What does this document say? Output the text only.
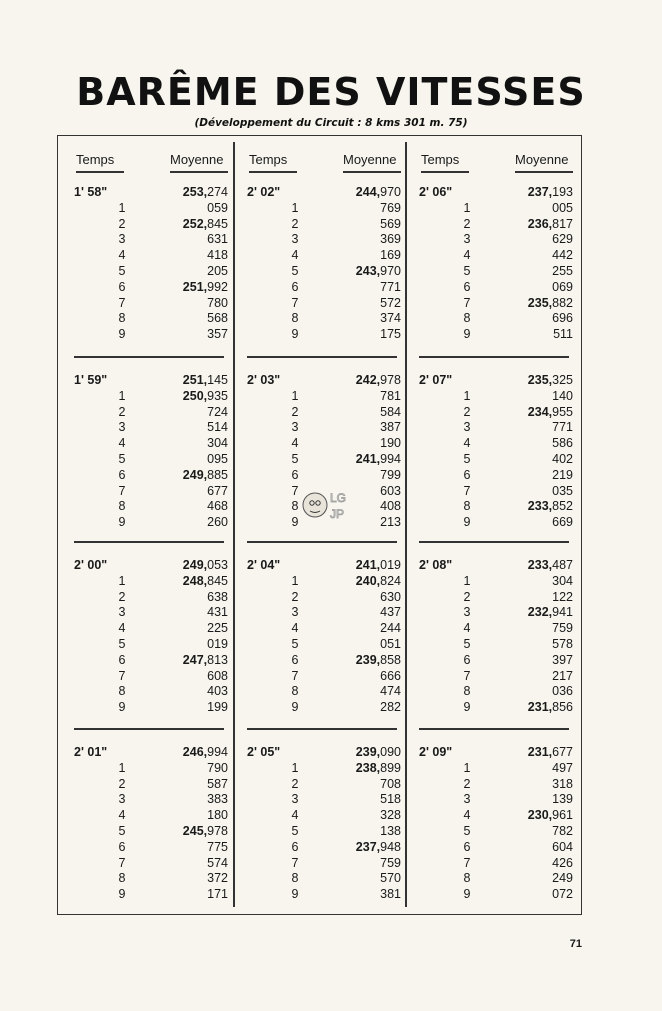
BARÊME DES VITESSES
(Développement du Circuit : 8 kms 301 m. 75)
Temps	Moyenne
1' 58"	253,274
1	059
2	252,845
3	631
4	418
5	205
6	251,992
7	780
8	568
9	357
1' 59"	251,145
1	250,935
2	724
3	514
4	304
5	095
6	249,885
7	677
8	468
9	260
2' 00"	249,053
1	248,845
2	638
3	431
4	225
5	019
6	247,813
7	608
8	403
9	199
2' 01"	246,994
1	790
2	587
3	383
4	180
5	245,978
6	775
7	574
8	372
9	171
Temps	Moyenne
2' 02"	244,970
1	769
2	569
3	369
4	169
5	243,970
6	771
7	572
8	374
9	175
2' 03"	242,978
1	781
2	584
3	387
4	190
5	241,994
6	799
7	603
8	408
9	213
2' 04"	241,019
1	240,824
2	630
3	437
4	244
5	051
6	239,858
7	666
8	474
9	282
2' 05"	239,090
1	238,899
2	708
3	518
4	328
5	138
6	237,948
7	759
8	570
9	381
Temps	Moyenne
2' 06"	237,193
1	005
2	236,817
3	629
4	442
5	255
6	069
7	235,882
8	696
9	511
2' 07"	235,325
1	140
2	234,955
3	771
4	586
5	402
6	219
7	035
8	233,852
9	669
2' 08"	233,487
1	304
2	122
3	232,941
4	759
5	578
6	397
7	217
8	036
9	231,856
2' 09"	231,677
1	497
2	318
3	139
4	230,961
5	782
6	604
7	426
8	249
9	072
LG
JP
71
